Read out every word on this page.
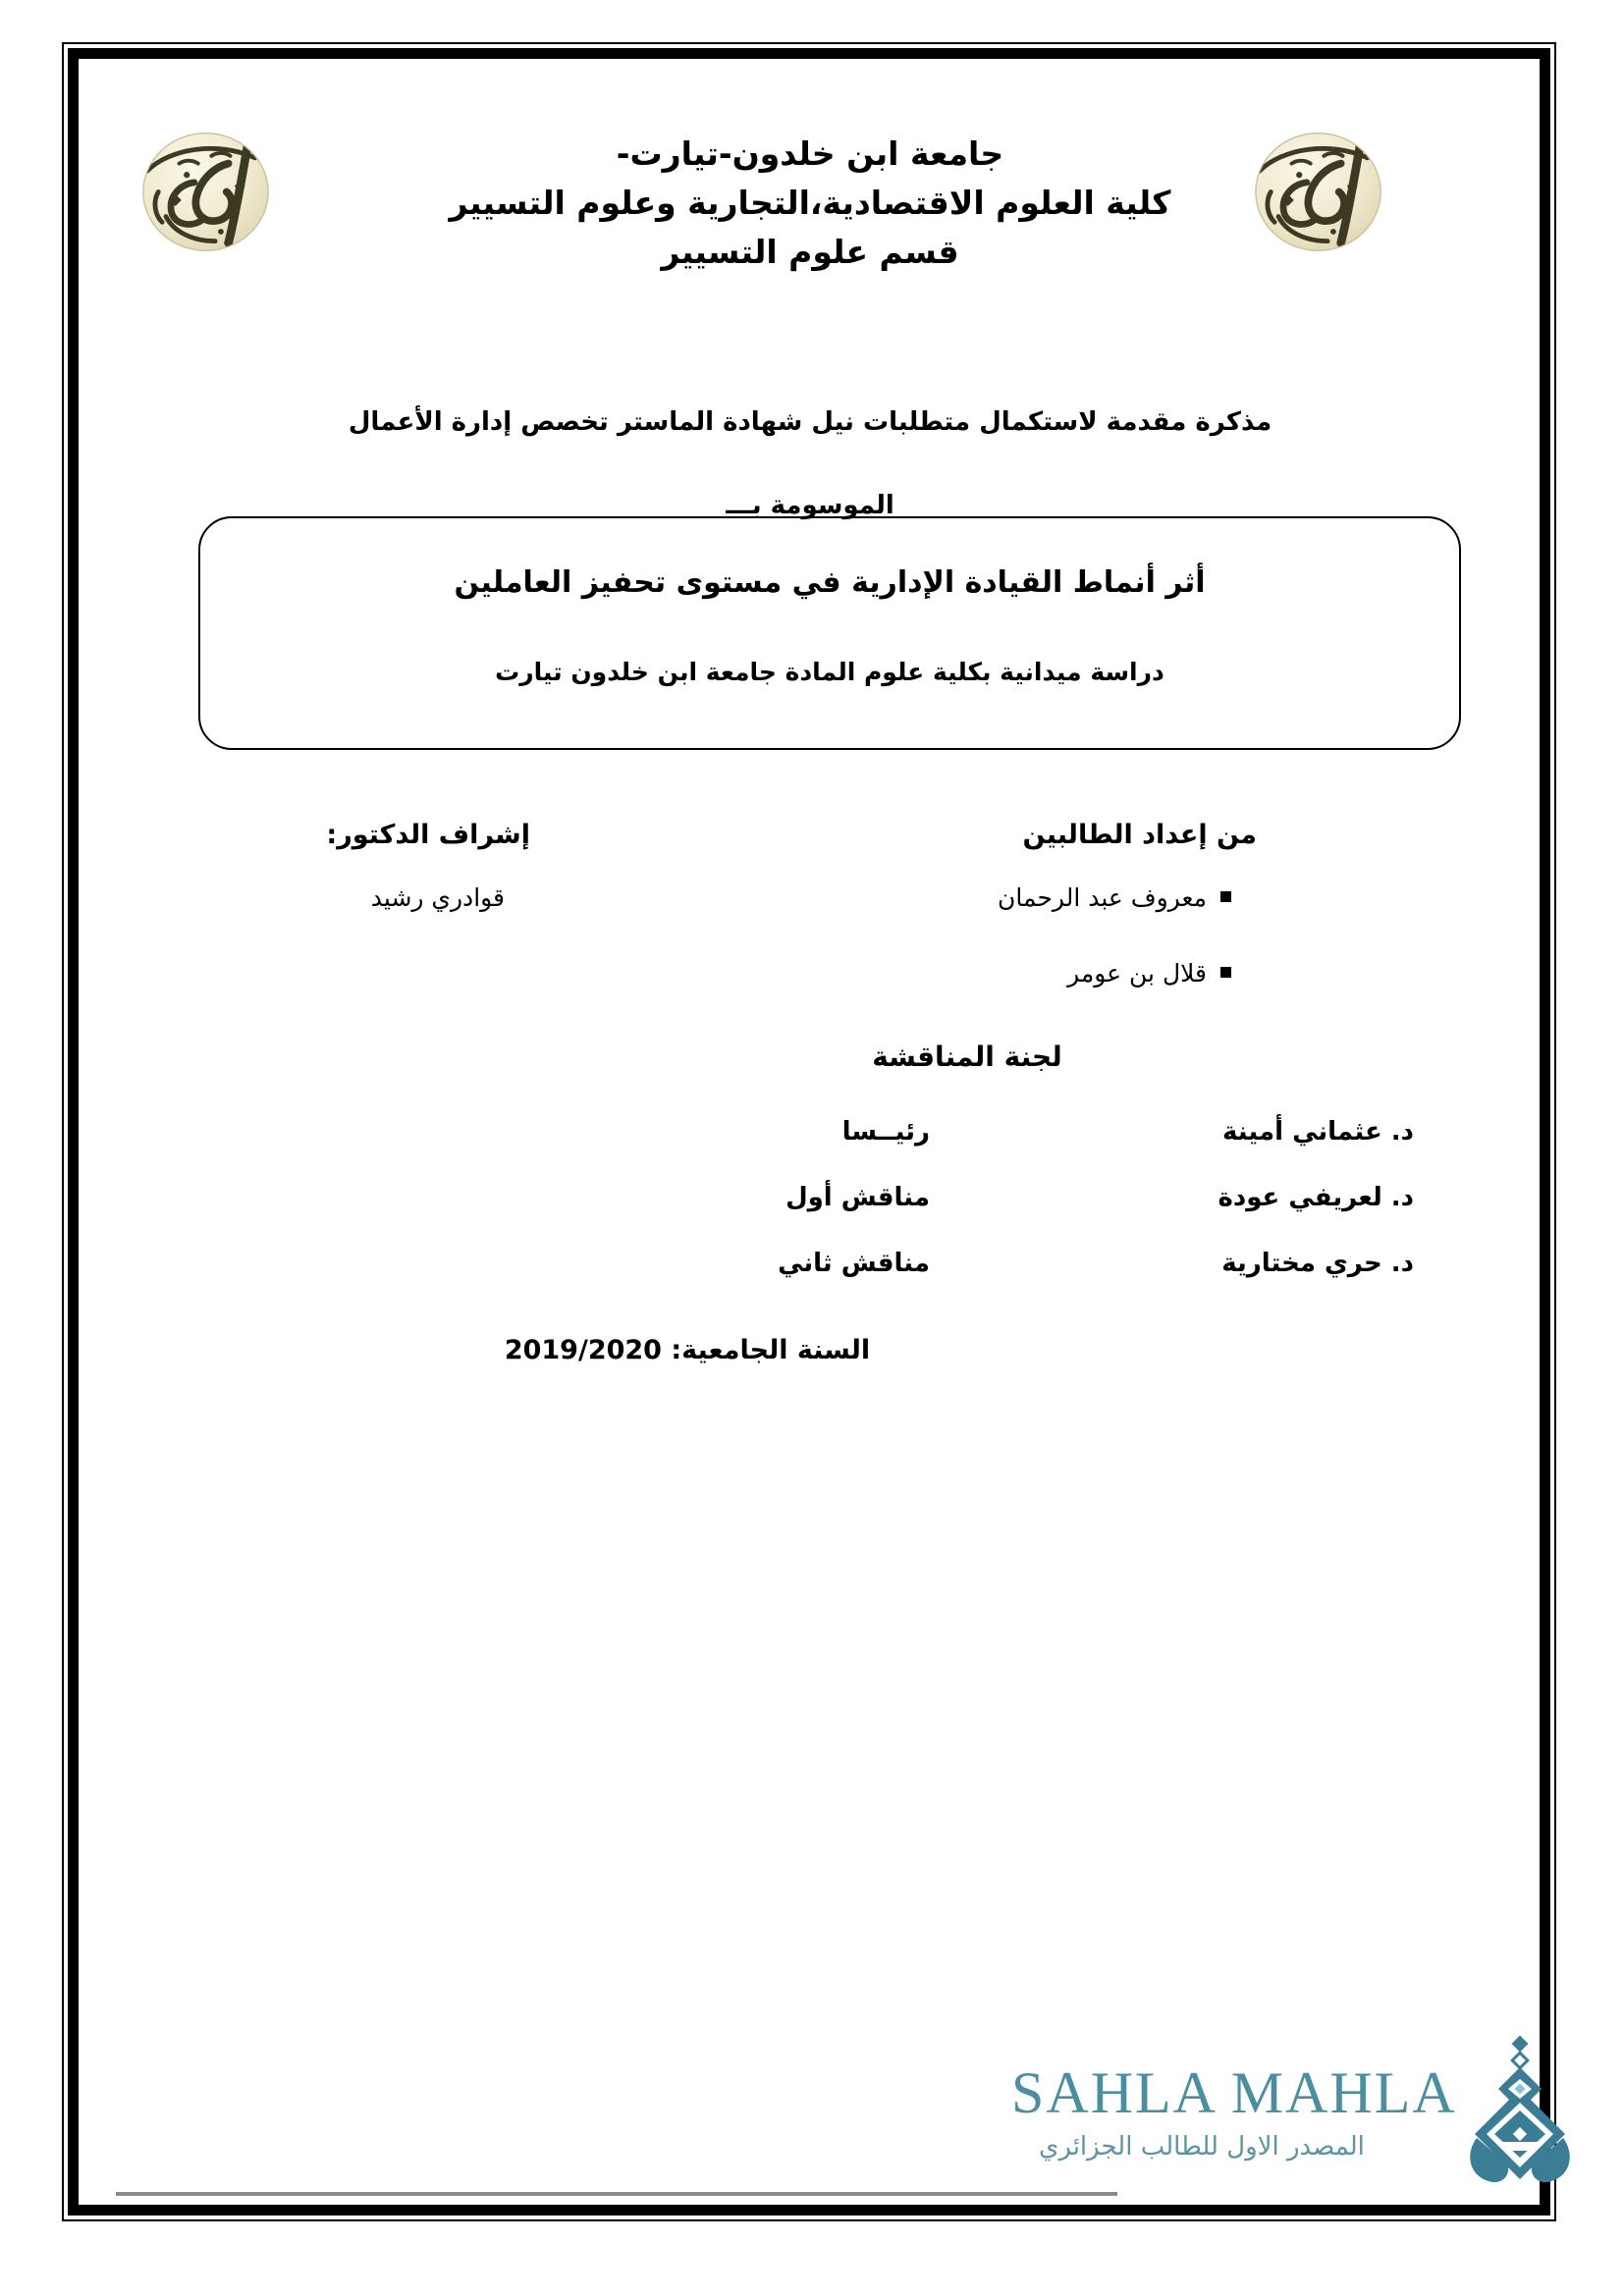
جامعة ابن خلدون-تيارت-
كلية العلوم الاقتصادية،التجارية وعلوم التسيير
قسم علوم التسيير
مذكرة مقدمة لاستكمال متطلبات نيل شهادة الماستر تخصص إدارة الأعمال
الموسومة بـــ
أثر أنماط القيادة الإدارية في مستوى تحفيز العاملين
دراسة ميدانية بكلية علوم المادة جامعة ابن خلدون تيارت
من إعداد الطالبين
معروف عبد الرحمان
قلال بن عومر
إشراف الدكتور:
قوادري رشيد
لجنة المناقشة
د. عثماني أمينة
رئيــسا
د. لعريفي عودة
مناقش أول
د. حري مختارية
مناقش ثاني
السنة الجامعية: 2019/2020
SAHLA MAHLA
المصدر الاول للطالب الجزائري
